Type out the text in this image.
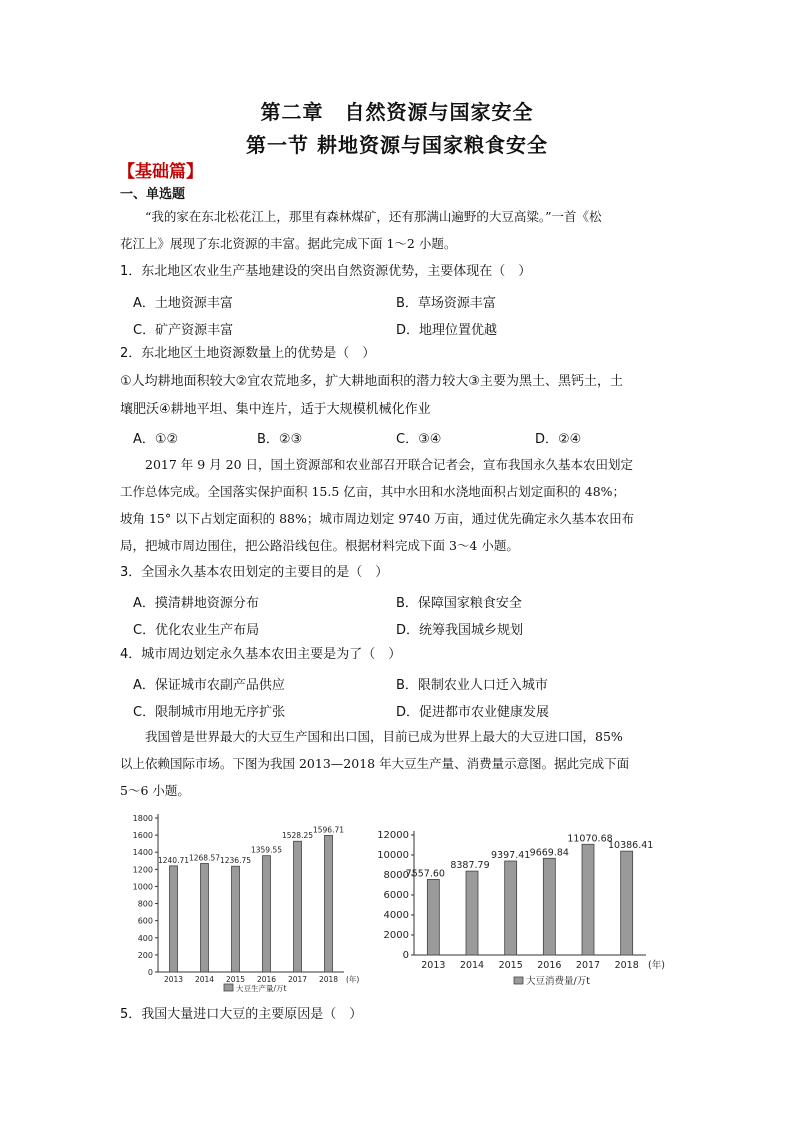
第二章　自然资源与国家安全
第一节 耕地资源与国家粮食安全
【基础篇】
一、单选题
“我的家在东北松花江上，那里有森林煤矿，还有那满山遍野的大豆高粱。”一首《松
花江上》展现了东北资源的丰富。据此完成下面 1～2 小题。
1．东北地区农业生产基地建设的突出自然资源优势，主要体现在（　）
A．土地资源丰富	B．草场资源丰富
C．矿产资源丰富	D．地理位置优越
2．东北地区土地资源数量上的优势是（　）
①人均耕地面积较大②宜农荒地多，扩大耕地面积的潜力较大③主要为黑土、黑钙土，土
壤肥沃④耕地平坦、集中连片，适于大规模机械化作业
A．①②	B．②③	C．③④	D．②④
2017 年 9 月 20 日，国土资源部和农业部召开联合记者会，宣布我国永久基本农田划定
工作总体完成。全国落实保护面积 15.5 亿亩，其中水田和水浇地面积占划定面积的 48%；
坡角 15° 以下占划定面积的 88%；城市周边划定 9740 万亩，通过优先确定永久基本农田布
局，把城市周边围住，把公路沿线包住。根据材料完成下面 3～4 小题。
3．全国永久基本农田划定的主要目的是（　）
A．摸清耕地资源分布	B．保障国家粮食安全
C．优化农业生产布局	D．统筹我国城乡规划
4．城市周边划定永久基本农田主要是为了（　）
A．保证城市农副产品供应	B．限制农业人口迁入城市
C．限制城市用地无序扩张	D．促进都市农业健康发展
我国曾是世界最大的大豆生产国和出口国，目前已成为世界上最大的大豆进口国，85%
以上依赖国际市场。下图为我国 2013—2018 年大豆生产量、消费量示意图。据此完成下面
5～6 小题。
0
200
400
600
800
1000
1200
1400
1600
1800
1240.71
2013
1268.57
2014
1236.75
2015
1359.55
2016
1528.25
2017
1596.71
2018 (年)
大豆生产量/万t
0
2000
4000
6000
8000
10000
12000
7557.60
2013
8387.79
2014
9397.41
2015
9669.84
2016
11070.68
2017
10386.41
2018 (年)
大豆消费量/万t
5．我国大量进口大豆的主要原因是（　）
